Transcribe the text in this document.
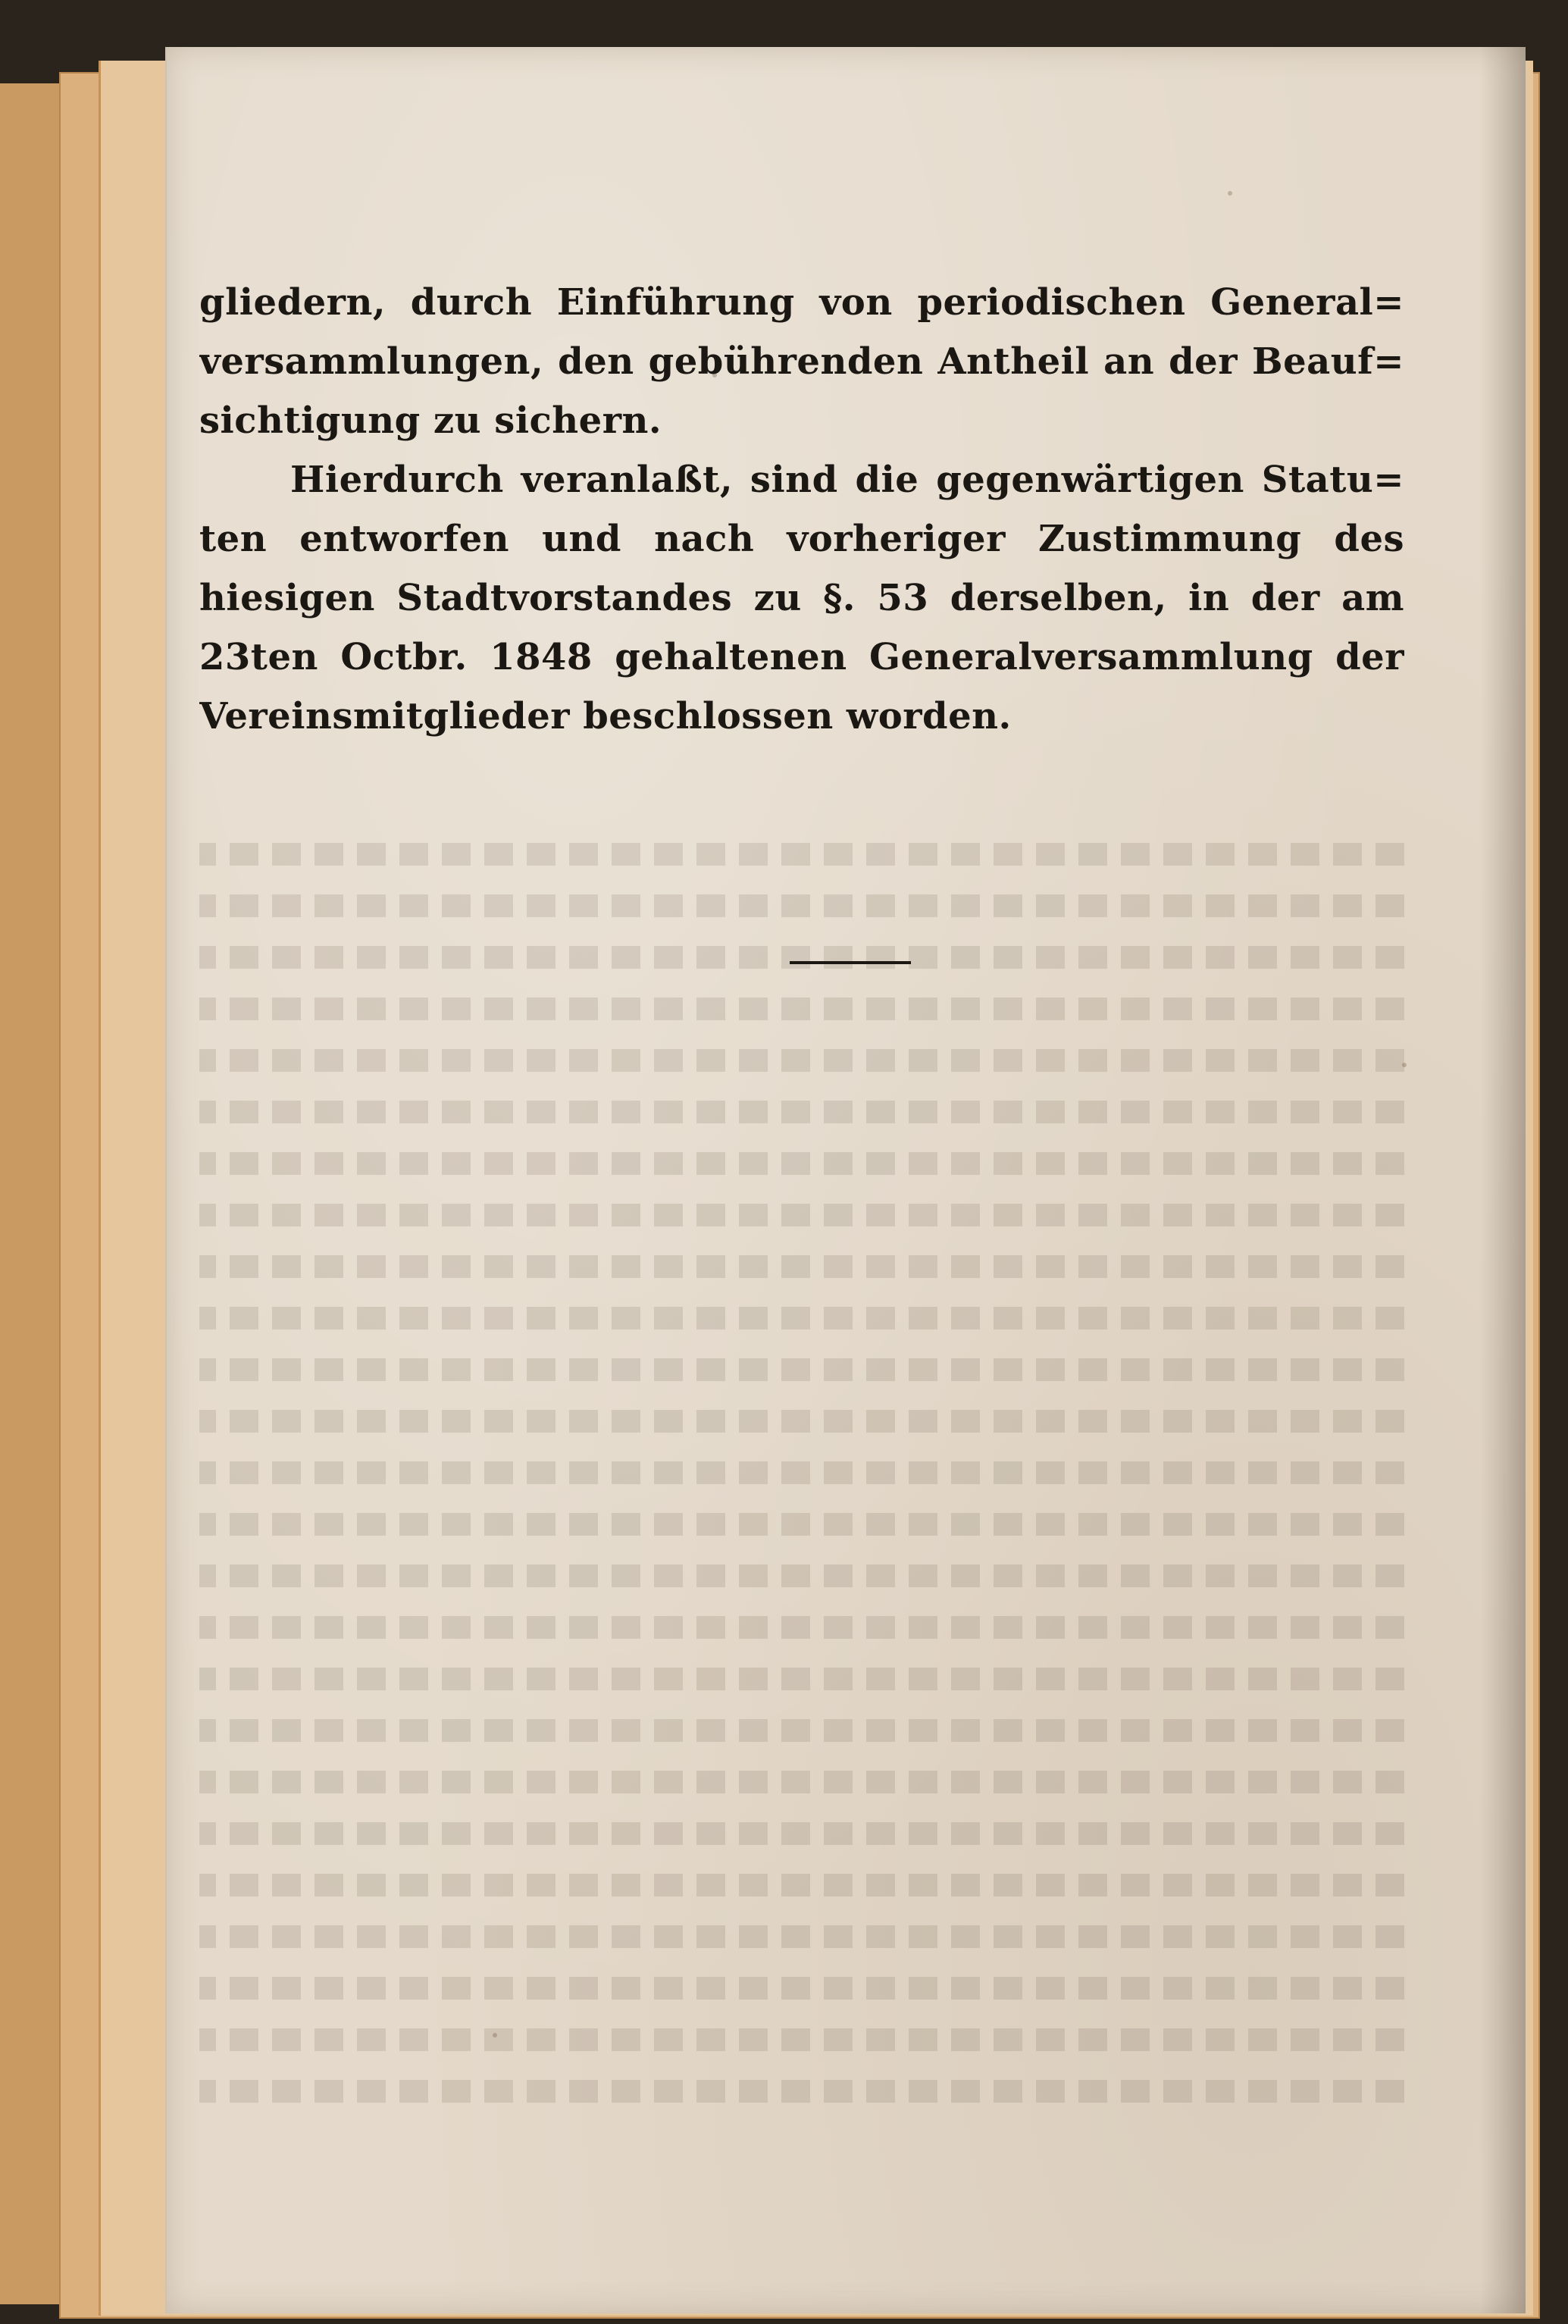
gliedern, durch Einführung von periodischen General=
versammlungen, den gebührenden Antheil an der Beauf=
sichtigung zu sichern.
Hierdurch veranlaßt, sind die gegenwärtigen Statu=
ten entworfen und nach vorheriger Zustimmung des
hiesigen Stadtvorstandes zu §. 53 derselben, in der am
23ten Octbr. 1848 gehaltenen Generalversammlung der
Vereinsmitglieder beschlossen worden.
